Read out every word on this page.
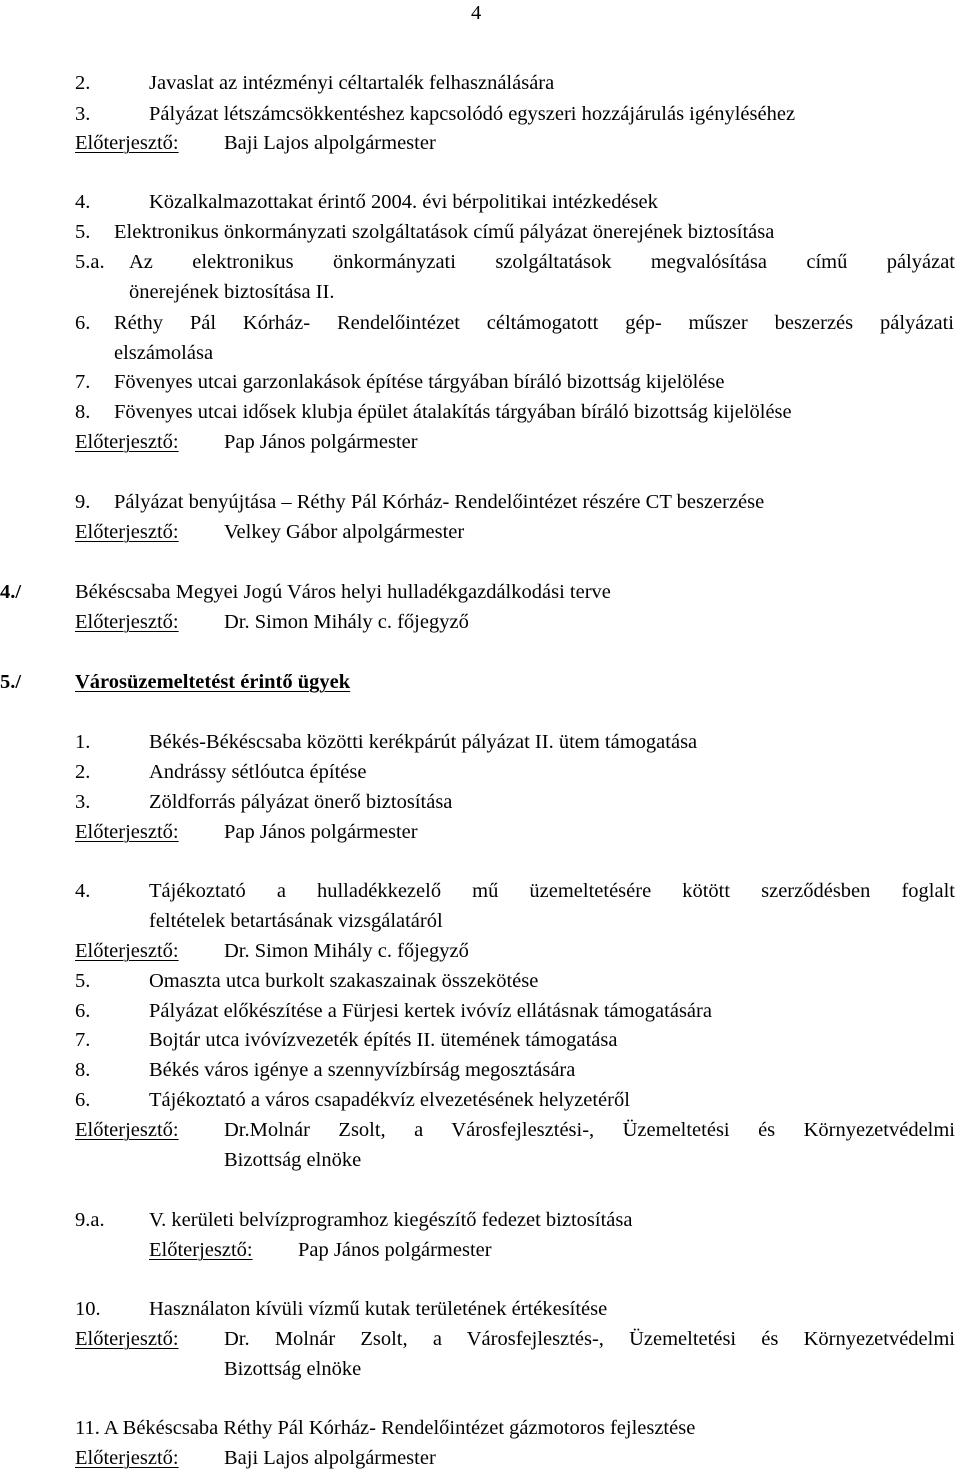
4
2.	Javaslat az intézményi céltartalék felhasználására
3.	Pályázat létszámcsökkentéshez kapcsolódó egyszeri hozzájárulás igényléséhez
Előterjesztő: Baji Lajos alpolgármester
4.	Közalkalmazottakat érintő 2004. évi bérpolitikai intézkedések
5. Elektronikus önkormányzati szolgáltatások című pályázat önerejének biztosítása
5.a. Az elektronikus önkormányzati szolgáltatások megvalósítása című pályázat
önerejének biztosítása II.
6. Réthy Pál Kórház- Rendelőintézet céltámogatott gép- műszer beszerzés pályázati
elszámolása
7. Fövenyes utcai garzonlakások építése tárgyában bíráló bizottság kijelölése
8. Fövenyes utcai idősek klubja épület átalakítás tárgyában bíráló bizottság kijelölése
Előterjesztő: Pap János polgármester
9. Pályázat benyújtása – Réthy Pál Kórház- Rendelőintézet részére CT beszerzése
Előterjesztő: Velkey Gábor alpolgármester
4./	Békéscsaba Megyei Jogú Város helyi hulladékgazdálkodási terve
Előterjesztő: Dr. Simon Mihály c. főjegyző
5./	Városüzemeltetést érintő ügyek
1.	Békés-Békéscsaba közötti kerékpárút pályázat II. ütem támogatása
2.	Andrássy sétlóutca építése
3.	Zöldforrás pályázat önerő biztosítása
Előterjesztő: Pap János polgármester
4.	Tájékoztató a hulladékkezelő mű üzemeltetésére kötött szerződésben foglalt
feltételek betartásának vizsgálatáról
Előterjesztő: Dr. Simon Mihály c. főjegyző
5.	Omaszta utca burkolt szakaszainak összekötése
6.	Pályázat előkészítése a Fürjesi kertek ivóvíz ellátásnak támogatására
7.	Bojtár utca ivóvízvezeték építés II. ütemének támogatása
8.	Békés város igénye a szennyvízbírság megosztására
6.	Tájékoztató a város csapadékvíz elvezetésének helyzetéről
Előterjesztő: Dr.Molnár Zsolt, a Városfejlesztési-, Üzemeltetési és Környezetvédelmi
Bizottság elnöke
9.a. V. kerületi belvízprogramhoz kiegészítő fedezet biztosítása
Előterjesztő: Pap János polgármester
10. Használaton kívüli vízmű kutak területének értékesítése
Előterjesztő: Dr. Molnár Zsolt, a Városfejlesztés-, Üzemeltetési és Környezetvédelmi
Bizottság elnöke
11. A Békéscsaba Réthy Pál Kórház- Rendelőintézet gázmotoros fejlesztése
Előterjesztő: Baji Lajos alpolgármester
